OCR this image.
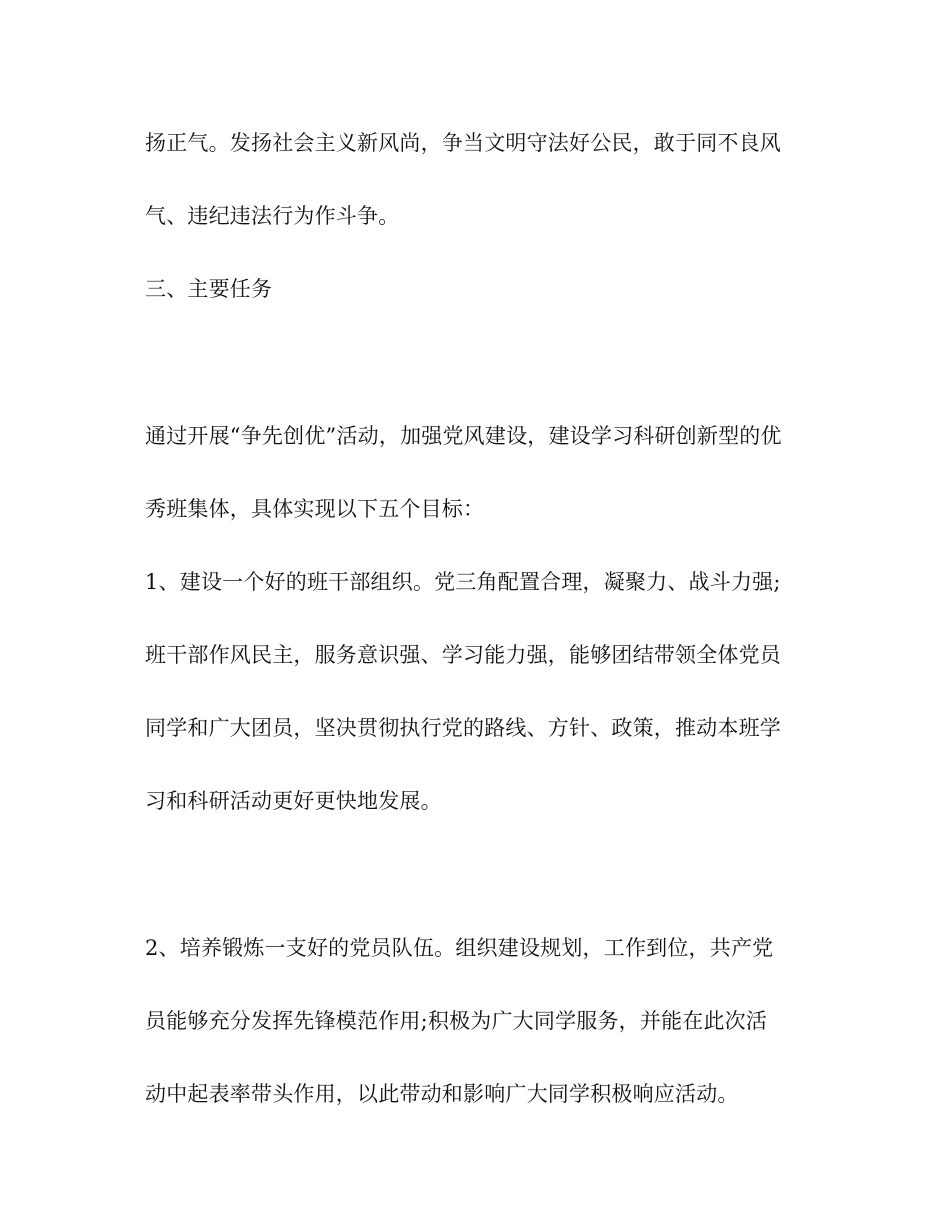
扬正气。发扬社会主义新风尚，争当文明守法好公民，敢于同不良风
气、违纪违法行为作斗争。
三、主要任务
通过开展“争先创优”活动，加强党风建设，建设学习科研创新型的优
秀班集体，具体实现以下五个目标：
1、建设一个好的班干部组织。党三角配置合理，凝聚力、战斗力强;
班干部作风民主，服务意识强、学习能力强，能够团结带领全体党员
同学和广大团员，坚决贯彻执行党的路线、方针、政策，推动本班学
习和科研活动更好更快地发展。
2、培养锻炼一支好的党员队伍。组织建设规划，工作到位，共产党
员能够充分发挥先锋模范作用;积极为广大同学服务，并能在此次活
动中起表率带头作用，以此带动和影响广大同学积极响应活动。
